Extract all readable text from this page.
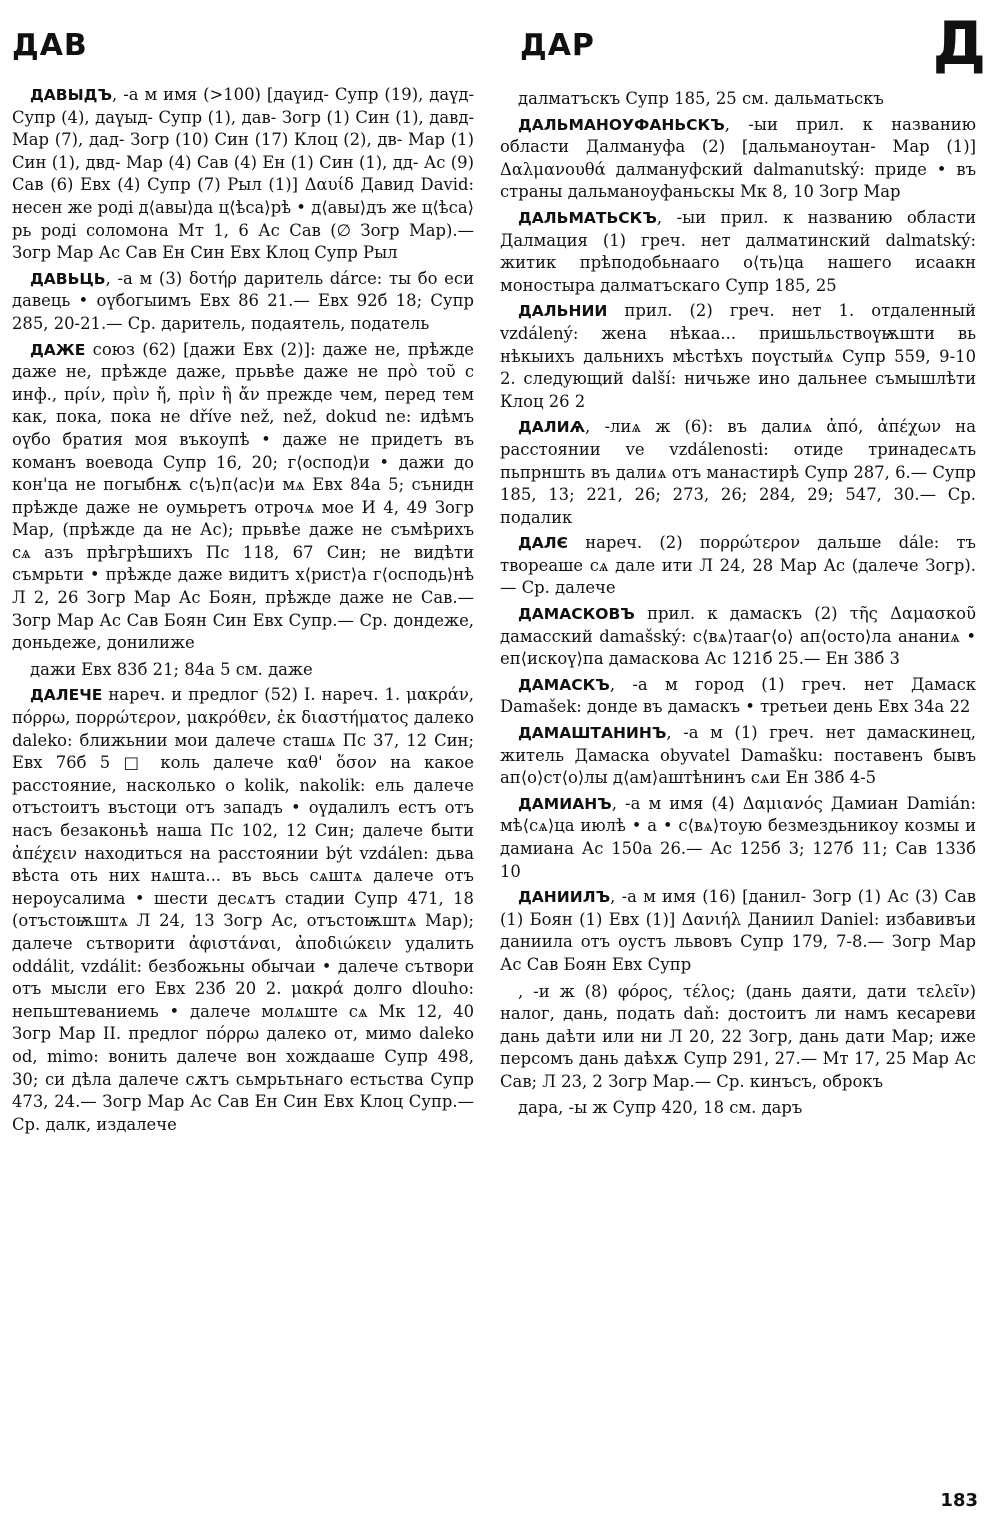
ДАВ	ДАР	Д

ДАВЫДЪ, -а м имя (>100) [даүид- Супр (19), даүд- Супр (4), даүыд- Супр (1), дав- Зогр (1) Син (1), давд- Мар (7), дад- Зогр (10) Син (17) Клоц (2), дв- Мар (1) Син (1), двд- Мар (4) Сав (4) Ен (1) Син (1), дд- Ас (9) Сав (6) Евх (4) Супр (7) Рыл (1)] Δαυίδ Давид David: несен же роді д⟨авы⟩да ц⟨ѣса⟩рѣ • д⟨авы⟩дъ же ц⟨ѣса⟩рь роді соломона Мт 1, 6 Ас Сав (∅ Зогр Мар).— Зогр Мар Ас Сав Ен Син Евх Клоц Супр Рыл

ДАВЬЦЬ, -а м (3) δοτήρ даритель dárce: ты бо еси давець • оүбогыимъ Евх 86 21.— Евх 92б 18; Супр 285, 20-21.— Ср. даритель, подаятель, податель

ДАЖЕ союз (62) [дажи Евх (2)]: даже не, прѣжде даже не, прѣжде даже, прьвѣе даже не πρὸ τοῦ с инф., πρίν, πρὶν ἤ, πρὶν ἢ ἄν прежде чем, перед тем как, пока, пока не dříve než, než, dokud ne: идѣмъ оүбо братия моя въкоупѣ • даже не придетъ въ команъ воевода Супр 16, 20; г⟨оспод⟩и • дажи до кон'ца не погыбнѫ с⟨ъ⟩п⟨ас⟩и мѧ Евх 84а 5; сънидн прѣжде даже не оумьретъ отрочѧ мое И 4, 49 Зогр Мар, (прѣжде да не Ас); прьвѣе даже не съмѣрихъ сѧ азъ прѣгрѣшихъ Пс 118, 67 Син; не видѣти съмрьти • прѣжде даже видитъ х⟨рист⟩а г⟨осподь⟩нѣ Л 2, 26 Зогр Мар Ас Боян, прѣжде даже не Сав.— Зогр Мар Ас Сав Боян Син Евх Супр.— Ср. дондеже, доньдеже, донилиже

дажи Евх 83б 21; 84а 5 см. даже

ДАЛЕЧЕ нареч. и предлог (52) I. нареч. 1. μακράν, πόρρω, πορρώτερον, μακρόθεν, ἐκ διαστήματος далеко daleko: ближьнии мои далече сташѧ Пс 37, 12 Син; Евх 76б 5 □ коль далече καθ' ὅσον на какое расстояние, насколько o kolik, nakolik: ель далече отъстоитъ въстоци отъ западъ • оүдалилъ естъ отъ насъ безаконьѣ наша Пс 102, 12 Син; далече быти ἀπέχειν находиться на расстоянии být vzdálen: дьва вѣста оть них нѧшта... въ вьсь сѧштѧ далече отъ нероусалима • шести десѧтъ стадии Супр 471, 18 (отъстоѭштѧ Л 24, 13 Зогр Ас, отъстоѭштѧ Мар); далече сътворити ἀφιστάναι, ἀποδιώκειν удалить oddálit, vzdálit: безбожьны обычаи • далече сътвори отъ мысли его Евх 23б 20 2. μακρά долго dlouho: непьштеваниемь • далече молѧште сѧ Мк 12, 40 Зогр Мар II. предлог πόρρω далеко от, мимо daleko od, mimo: вонить далече вон хождааше Супр 498, 30; си дѣла далече сѫтъ сьмрьтьнаго естьства Супр 473, 24.— Зогр Мар Ас Сав Ен Син Евх Клоц Супр.— Ср. далк, издалече

далматъскъ Супр 185, 25 см. дальматьскъ

ДАЛЬМАНОУФАНЬСКЪ, -ыи прил. к названию области Далмануфа (2) [дальманоутан- Мар (1)] Δαλμανουθά далмануфский dalmanutský: приде • въ страны дальманоуфаньскы Мк 8, 10 Зогр Мар

ДАЛЬМАТЬСКЪ, -ыи прил. к названию области Далмация (1) греч. нет далматинский dalmatský: житик прѣподобьнааго о⟨ть⟩ца нашего исаакн моностыра далматъскаго Супр 185, 25

ДАЛЬНИИ прил. (2) греч. нет 1. отдаленный vzdálený: жена нѣкаа... пришьльствоүѭшти вь нѣкыихъ дальнихъ мѣстѣхъ поүстыйѧ Супр 559, 9-10 2. следующий další: ничьже ино дальнее съмышлѣти Клоц 26 2

ДАЛИѦ, -лиѧ ж (6): въ далиѧ ἀπό, ἀπέχων на расстоянии ve vzdálenosti: отиде тринадесѧть пьпрншть въ далиѧ отъ манастирѣ Супр 287, 6.— Супр 185, 13; 221, 26; 273, 26; 284, 29; 547, 30.— Ср. подалик

ДАЛЄ нареч. (2) πορρώτερον дальше dále: тъ твореаше сѧ дале ити Л 24, 28 Мар Ас (далече Зогр).— Ср. далече

ДАМАСКОВЪ прил. к дамаскъ (2) τῆς Δαμασκοῦ дамасский damašský: с⟨вѧ⟩тааг⟨о⟩ ап⟨осто⟩ла ананиѧ • еп⟨искоү⟩па дамаскова Ас 121б 25.— Ен 38б 3

ДАМАСКЪ, -а м город (1) греч. нет Дамаск Damašek: донде въ дамаскъ • третьеи день Евх 34а 22

ДАМАШТАНИНЪ, -а м (1) греч. нет дамаскинец, житель Дамаска obyvatel Damašku: поставенъ бывъ ап⟨о⟩ст⟨о⟩лы д⟨ам⟩аштѣнинъ сѧи Ен 38б 4-5

ДАМИАНЪ, -а м имя (4) Δαμιανός Дамиан Damián: мѣ⟨сѧ⟩ца июлѣ • а • с⟨вѧ⟩тоую безмездьникоу козмы и дамиана Ас 150а 26.— Ас 125б 3; 127б 11; Сав 133б 10

ДАНИИЛЪ, -а м имя (16) [данил- Зогр (1) Ас (3) Сав (1) Боян (1) Евх (1)] Δανιήλ Даниил Daniel: избавивъи даниила отъ оустъ львовъ Супр 179, 7-8.— Зогр Мар Ас Сав Боян Евх Супр

, -и ж (8) φόρος, τέλος; (дань даяти, дати τελεῖν) налог, дань, подать daň: достоитъ ли намъ кесареви дань даѣти или ни Л 20, 22 Зогр, дань дати Мар; иже персомъ дань даѣхѫ Супр 291, 27.— Мт 17, 25 Мар Ас Сав; Л 23, 2 Зогр Мар.— Ср. кинъсъ, оброкъ

дара, -ы ж Супр 420, 18 см. даръ

183
